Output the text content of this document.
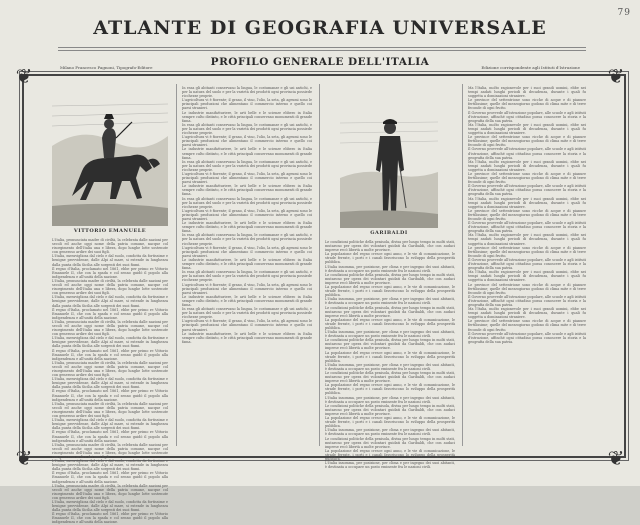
79
ATLANTE DI GEOGRAFIA UNIVERSALE
PROFILO GENERALE DELL'ITALIA
Milano Francesco Pagnoni, Tipografo-Editore	Edizione corrispondente agli Istituti d'Istruzione
❦	❦
❦	❦
VITTORIO EMANUELE	GARIBALDI

L'Italia, pronunciata madre di civiltà, la celebrata dalle nazioni per secoli ed anche oggi nome della patria comune, nacque col risorgimento dell'Italia una e libera, dopo lunghe lotte sostenute con generoso ardire dei suoi figli.

L'Italia, meravigliosa dal cielo e dal suolo, condotta da fortissime e benigne provvidenze, dalle Alpi al mare, si estende in lunghezza dalla punta della Sicilia alle sorgenti dei suoi fiumi.

Il regno d'Italia, proclamato nel 1861, ebbe per primo re Vittorio Emanuele II, che con la spada e col senno guidò il popolo alla indipendenza e all'unità della nazione.

L'Italia, pronunciata madre di civiltà, la celebrata dalle nazioni per secoli ed anche oggi nome della patria comune, nacque col risorgimento dell'Italia una e libera, dopo lunghe lotte sostenute con generoso ardire dei suoi figli.

L'Italia, meravigliosa dal cielo e dal suolo, condotta da fortissime e benigne provvidenze, dalle Alpi al mare, si estende in lunghezza dalla punta della Sicilia alle sorgenti dei suoi fiumi.

Il regno d'Italia, proclamato nel 1861, ebbe per primo re Vittorio Emanuele II, che con la spada e col senno guidò il popolo alla indipendenza e all'unità della nazione.

L'Italia, pronunciata madre di civiltà, la celebrata dalle nazioni per secoli ed anche oggi nome della patria comune, nacque col risorgimento dell'Italia una e libera, dopo lunghe lotte sostenute con generoso ardire dei suoi figli.

L'Italia, meravigliosa dal cielo e dal suolo, condotta da fortissime e benigne provvidenze, dalle Alpi al mare, si estende in lunghezza dalla punta della Sicilia alle sorgenti dei suoi fiumi.

Il regno d'Italia, proclamato nel 1861, ebbe per primo re Vittorio Emanuele II, che con la spada e col senno guidò il popolo alla indipendenza e all'unità della nazione.

L'Italia, pronunciata madre di civiltà, la celebrata dalle nazioni per secoli ed anche oggi nome della patria comune, nacque col risorgimento dell'Italia una e libera, dopo lunghe lotte sostenute con generoso ardire dei suoi figli.

L'Italia, meravigliosa dal cielo e dal suolo, condotta da fortissime e benigne provvidenze, dalle Alpi al mare, si estende in lunghezza dalla punta della Sicilia alle sorgenti dei suoi fiumi.

Il regno d'Italia, proclamato nel 1861, ebbe per primo re Vittorio Emanuele II, che con la spada e col senno guidò il popolo alla indipendenza e all'unità della nazione.

L'Italia, pronunciata madre di civiltà, la celebrata dalle nazioni per secoli ed anche oggi nome della patria comune, nacque col risorgimento dell'Italia una e libera, dopo lunghe lotte sostenute con generoso ardire dei suoi figli.

L'Italia, meravigliosa dal cielo e dal suolo, condotta da fortissime e benigne provvidenze, dalle Alpi al mare, si estende in lunghezza dalla punta della Sicilia alle sorgenti dei suoi fiumi.

Il regno d'Italia, proclamato nel 1861, ebbe per primo re Vittorio Emanuele II, che con la spada e col senno guidò il popolo alla indipendenza e all'unità della nazione.

L'Italia, pronunciata madre di civiltà, la celebrata dalle nazioni per secoli ed anche oggi nome della patria comune, nacque col risorgimento dell'Italia una e libera, dopo lunghe lotte sostenute con generoso ardire dei suoi figli.

L'Italia, meravigliosa dal cielo e dal suolo, condotta da fortissime e benigne provvidenze, dalle Alpi al mare, si estende in lunghezza dalla punta della Sicilia alle sorgenti dei suoi fiumi.

Il regno d'Italia, proclamato nel 1861, ebbe per primo re Vittorio Emanuele II, che con la spada e col senno guidò il popolo alla indipendenza e all'unità della nazione.

L'Italia, pronunciata madre di civiltà, la celebrata dalle nazioni per secoli ed anche oggi nome della patria comune, nacque col risorgimento dell'Italia una e libera, dopo lunghe lotte sostenute con generoso ardire dei suoi figli.

L'Italia, meravigliosa dal cielo e dal suolo, condotta da fortissime e benigne provvidenze, dalle Alpi al mare, si estende in lunghezza dalla punta della Sicilia alle sorgenti dei suoi fiumi.

Il regno d'Italia, proclamato nel 1861, ebbe per primo re Vittorio Emanuele II, che con la spada e col senno guidò il popolo alla indipendenza e all'unità della nazione.

In essa gli abitanti conservano la lingua, le costumanze e gli usi antichi, e per la natura del suolo e per la varietà dei prodotti ogni provincia possiede ricchezze proprie.

L'agricoltura vi è fiorente; il grano, il vino, l'olio, la seta, gli agrumi sono le principali produzioni che alimentano il commercio interno e quello coi paesi stranieri.

Le industrie manifatturiere, le arti belle e le scienze ebbero in Italia sempre culto distinto, e le città principali conservano monumenti di grande fama.

In essa gli abitanti conservano la lingua, le costumanze e gli usi antichi, e per la natura del suolo e per la varietà dei prodotti ogni provincia possiede ricchezze proprie.

L'agricoltura vi è fiorente; il grano, il vino, l'olio, la seta, gli agrumi sono le principali produzioni che alimentano il commercio interno e quello coi paesi stranieri.

Le industrie manifatturiere, le arti belle e le scienze ebbero in Italia sempre culto distinto, e le città principali conservano monumenti di grande fama.

In essa gli abitanti conservano la lingua, le costumanze e gli usi antichi, e per la natura del suolo e per la varietà dei prodotti ogni provincia possiede ricchezze proprie.

L'agricoltura vi è fiorente; il grano, il vino, l'olio, la seta, gli agrumi sono le principali produzioni che alimentano il commercio interno e quello coi paesi stranieri.

Le industrie manifatturiere, le arti belle e le scienze ebbero in Italia sempre culto distinto, e le città principali conservano monumenti di grande fama.

In essa gli abitanti conservano la lingua, le costumanze e gli usi antichi, e per la natura del suolo e per la varietà dei prodotti ogni provincia possiede ricchezze proprie.

L'agricoltura vi è fiorente; il grano, il vino, l'olio, la seta, gli agrumi sono le principali produzioni che alimentano il commercio interno e quello coi paesi stranieri.

Le industrie manifatturiere, le arti belle e le scienze ebbero in Italia sempre culto distinto, e le città principali conservano monumenti di grande fama.

In essa gli abitanti conservano la lingua, le costumanze e gli usi antichi, e per la natura del suolo e per la varietà dei prodotti ogni provincia possiede ricchezze proprie.

L'agricoltura vi è fiorente; il grano, il vino, l'olio, la seta, gli agrumi sono le principali produzioni che alimentano il commercio interno e quello coi paesi stranieri.

Le industrie manifatturiere, le arti belle e le scienze ebbero in Italia sempre culto distinto, e le città principali conservano monumenti di grande fama.

In essa gli abitanti conservano la lingua, le costumanze e gli usi antichi, e per la natura del suolo e per la varietà dei prodotti ogni provincia possiede ricchezze proprie.

L'agricoltura vi è fiorente; il grano, il vino, l'olio, la seta, gli agrumi sono le principali produzioni che alimentano il commercio interno e quello coi paesi stranieri.

Le industrie manifatturiere, le arti belle e le scienze ebbero in Italia sempre culto distinto, e le città principali conservano monumenti di grande fama.

In essa gli abitanti conservano la lingua, le costumanze e gli usi antichi, e per la natura del suolo e per la varietà dei prodotti ogni provincia possiede ricchezze proprie.

L'agricoltura vi è fiorente; il grano, il vino, l'olio, la seta, gli agrumi sono le principali produzioni che alimentano il commercio interno e quello coi paesi stranieri.

Le industrie manifatturiere, le arti belle e le scienze ebbero in Italia sempre culto distinto, e le città principali conservano monumenti di grande fama.

Le condizioni politiche della penisola, divisa per lungo tempo in molti stati, mutarono per opera dei volontari guidati da Garibaldi, che con audaci imprese recò libertà a molte province.

La popolazione del regno cresce ogni anno, e le vie di comunicazione, le strade ferrate, i porti e i canali favoriscono lo sviluppo della prosperità pubblica.

L'Italia insomma, per posizione, per clima e per ingegno dei suoi abitanti, è destinata a occupare un posto eminente fra le nazioni civili.

Le condizioni politiche della penisola, divisa per lungo tempo in molti stati, mutarono per opera dei volontari guidati da Garibaldi, che con audaci imprese recò libertà a molte province.

La popolazione del regno cresce ogni anno, e le vie di comunicazione, le strade ferrate, i porti e i canali favoriscono lo sviluppo della prosperità pubblica.

L'Italia insomma, per posizione, per clima e per ingegno dei suoi abitanti, è destinata a occupare un posto eminente fra le nazioni civili.

Le condizioni politiche della penisola, divisa per lungo tempo in molti stati, mutarono per opera dei volontari guidati da Garibaldi, che con audaci imprese recò libertà a molte province.

La popolazione del regno cresce ogni anno, e le vie di comunicazione, le strade ferrate, i porti e i canali favoriscono lo sviluppo della prosperità pubblica.

L'Italia insomma, per posizione, per clima e per ingegno dei suoi abitanti, è destinata a occupare un posto eminente fra le nazioni civili.

Le condizioni politiche della penisola, divisa per lungo tempo in molti stati, mutarono per opera dei volontari guidati da Garibaldi, che con audaci imprese recò libertà a molte province.

La popolazione del regno cresce ogni anno, e le vie di comunicazione, le strade ferrate, i porti e i canali favoriscono lo sviluppo della prosperità pubblica.

L'Italia insomma, per posizione, per clima e per ingegno dei suoi abitanti, è destinata a occupare un posto eminente fra le nazioni civili.

Le condizioni politiche della penisola, divisa per lungo tempo in molti stati, mutarono per opera dei volontari guidati da Garibaldi, che con audaci imprese recò libertà a molte province.

La popolazione del regno cresce ogni anno, e le vie di comunicazione, le strade ferrate, i porti e i canali favoriscono lo sviluppo della prosperità pubblica.

L'Italia insomma, per posizione, per clima e per ingegno dei suoi abitanti, è destinata a occupare un posto eminente fra le nazioni civili.

Le condizioni politiche della penisola, divisa per lungo tempo in molti stati, mutarono per opera dei volontari guidati da Garibaldi, che con audaci imprese recò libertà a molte province.

La popolazione del regno cresce ogni anno, e le vie di comunicazione, le strade ferrate, i porti e i canali favoriscono lo sviluppo della prosperità pubblica.

L'Italia insomma, per posizione, per clima e per ingegno dei suoi abitanti, è destinata a occupare un posto eminente fra le nazioni civili.

Le condizioni politiche della penisola, divisa per lungo tempo in molti stati, mutarono per opera dei volontari guidati da Garibaldi, che con audaci imprese recò libertà a molte province.

La popolazione del regno cresce ogni anno, e le vie di comunicazione, le strade ferrate, i porti e i canali favoriscono lo sviluppo della prosperità pubblica.

L'Italia insomma, per posizione, per clima e per ingegno dei suoi abitanti, è destinata a occupare un posto eminente fra le nazioni civili.

Ma l'Italia, molto ragionevole per i suoi grandi uomini, ebbe nei tempi andati lunghi periodi di decadenza, durante i quali fu soggetta a dominazioni straniere.

Le province del settentrione sono ricche di acque e di pianure fertilissime; quelle del mezzogiorno godono di clima mite e di terre feconde di ogni frutto.

Il Governo provvede all'istruzione popolare, alle scuole e agli istituti d'istruzione, affinché ogni cittadino possa conoscere la storia e la geografia della sua patria.

Ma l'Italia, molto ragionevole per i suoi grandi uomini, ebbe nei tempi andati lunghi periodi di decadenza, durante i quali fu soggetta a dominazioni straniere.

Le province del settentrione sono ricche di acque e di pianure fertilissime; quelle del mezzogiorno godono di clima mite e di terre feconde di ogni frutto.

Il Governo provvede all'istruzione popolare, alle scuole e agli istituti d'istruzione, affinché ogni cittadino possa conoscere la storia e la geografia della sua patria.

Ma l'Italia, molto ragionevole per i suoi grandi uomini, ebbe nei tempi andati lunghi periodi di decadenza, durante i quali fu soggetta a dominazioni straniere.

Le province del settentrione sono ricche di acque e di pianure fertilissime; quelle del mezzogiorno godono di clima mite e di terre feconde di ogni frutto.

Il Governo provvede all'istruzione popolare, alle scuole e agli istituti d'istruzione, affinché ogni cittadino possa conoscere la storia e la geografia della sua patria.

Ma l'Italia, molto ragionevole per i suoi grandi uomini, ebbe nei tempi andati lunghi periodi di decadenza, durante i quali fu soggetta a dominazioni straniere.

Le province del settentrione sono ricche di acque e di pianure fertilissime; quelle del mezzogiorno godono di clima mite e di terre feconde di ogni frutto.

Il Governo provvede all'istruzione popolare, alle scuole e agli istituti d'istruzione, affinché ogni cittadino possa conoscere la storia e la geografia della sua patria.

Ma l'Italia, molto ragionevole per i suoi grandi uomini, ebbe nei tempi andati lunghi periodi di decadenza, durante i quali fu soggetta a dominazioni straniere.

Le province del settentrione sono ricche di acque e di pianure fertilissime; quelle del mezzogiorno godono di clima mite e di terre feconde di ogni frutto.

Il Governo provvede all'istruzione popolare, alle scuole e agli istituti d'istruzione, affinché ogni cittadino possa conoscere la storia e la geografia della sua patria.

Ma l'Italia, molto ragionevole per i suoi grandi uomini, ebbe nei tempi andati lunghi periodi di decadenza, durante i quali fu soggetta a dominazioni straniere.

Le province del settentrione sono ricche di acque e di pianure fertilissime; quelle del mezzogiorno godono di clima mite e di terre feconde di ogni frutto.

Il Governo provvede all'istruzione popolare, alle scuole e agli istituti d'istruzione, affinché ogni cittadino possa conoscere la storia e la geografia della sua patria.

Ma l'Italia, molto ragionevole per i suoi grandi uomini, ebbe nei tempi andati lunghi periodi di decadenza, durante i quali fu soggetta a dominazioni straniere.

Le province del settentrione sono ricche di acque e di pianure fertilissime; quelle del mezzogiorno godono di clima mite e di terre feconde di ogni frutto.

Il Governo provvede all'istruzione popolare, alle scuole e agli istituti d'istruzione, affinché ogni cittadino possa conoscere la storia e la geografia della sua patria.
